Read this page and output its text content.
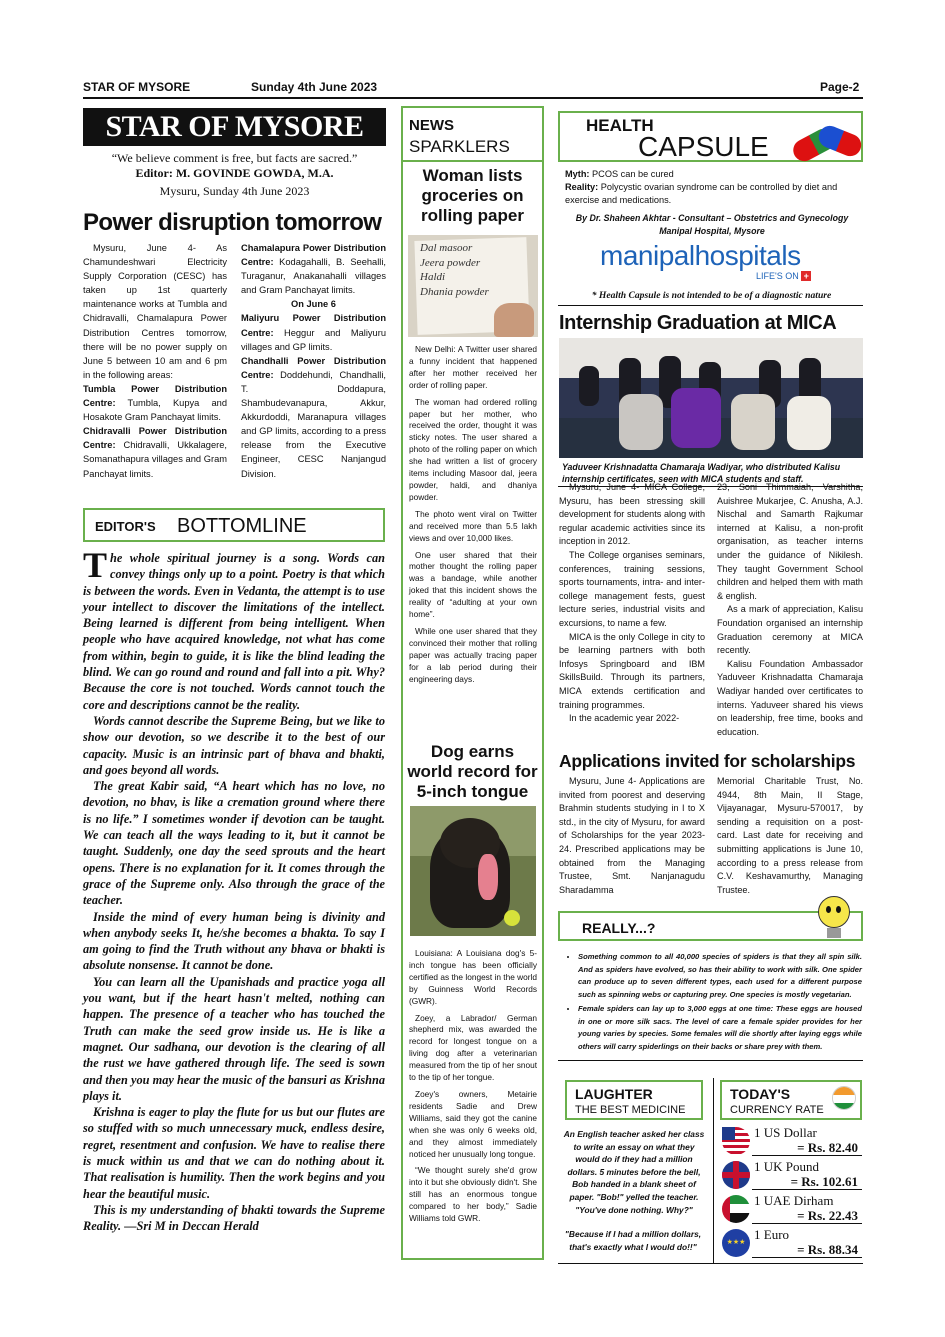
STAR OF MYSORE	Sunday 4th June 2023	Page-2
STAR OF MYSORE
“We believe comment is free, but facts are sacred.”
Editor: M. GOVINDE GOWDA, M.A.
Mysuru, Sunday 4th June 2023
Power disruption tomorrow

Mysuru, June 4- As Chamundeshwari Electricity Supply Corporation (CESC) has taken up 1st quarterly maintenance works at Tumbla and Chidravalli, Chamalapura Power Distribution Centres tomorrow, there will be no power supply on June 5 between 10 am and 6 pm in the following areas:

Tumbla Power Distribution Centre: Tumbla, Kupya and Hosakote Gram Panchayat limits.

Chidravalli Power Distribution Centre: Chidravalli, Ukkalagere, Somanathapura villages and Gram Panchayat limits.

Chamalapura Power Distribution Centre: Kodagahalli, B. Seehalli, Turaganur, Anakanahalli villages and Gram Panchayat limits.

On June 6

Maliyuru Power Distribution Centre: Heggur and Maliyuru villages and GP limits.

Chandhalli Power Distribution Centre: Doddehundi, Chandhalli, T. Doddapura, Shambudevanapura, Akkur, Akkurdoddi, Maranapura villages and GP limits, according to a press release from the Executive Engineer, CESC Nanjangud Division.

EDITOR'S BOTTOMLINE

The whole spiritual journey is a song. Words can convey things only up to a point. Poetry is that which is between the words. Even in Vedanta, the attempt is to use your intellect to discover the limitations of the intellect. Being learned is different from being intelligent. When people who have acquired knowledge, not what has come from within, begin to guide, it is like the blind leading the blind. We can go round and round and fall into a pit. Why? Because the core is not touched. Words cannot touch the core and descriptions cannot be the reality.

Words cannot describe the Supreme Being, but we like to show our devotion, so we describe it to the best of our capacity. Music is an intrinsic part of bhava and bhakti, and goes beyond all words.

The great Kabir said, “A heart which has no love, no devotion, no bhav, is like a cremation ground where there is no life.” I sometimes wonder if devotion can be taught. We can teach all the ways leading to it, but it cannot be taught. Suddenly, one day the seed sprouts and the heart opens. There is no explanation for it. It comes through the grace of the Supreme only. Also through the grace of the teacher.

Inside the mind of every human being is divinity and when anybody seeks It, he/she becomes a bhakta. To say I am going to find the Truth without any bhava or bhakti is absolute nonsense. It cannot be done.

You can learn all the Upanishads and practice yoga all you want, but if the heart hasn't melted, nothing can happen. The presence of a teacher who has touched the Truth can make the seed grow inside us. He is like a magnet. Our sadhana, our devotion is the clearing of all the rust we have gathered through life. The seed is sown and then you may hear the music of the bansuri as Krishna plays it.

Krishna is eager to play the flute for us but our flutes are so stuffed with so much unnecessary muck, endless desire, regret, resentment and confusion. We have to realise there is muck within us and that we can do nothing about it. That realisation is humility. Then the work begins and you hear the beautiful music.

This is my understanding of bhakti towards the Supreme Reality. —Sri M in Deccan Herald

NEWS
SPARKLERS
Woman lists groceries on rolling paper
Dal masoor
Jeera powder
Haldi
Dhania powder

New Delhi: A Twitter user shared a funny incident that happened after her mother received her order of rolling paper.

The woman had ordered rolling paper but her mother, who received the order, thought it was sticky notes. The user shared a photo of the rolling paper on which she had written a list of grocery items including Masoor dal, jeera powder, haldi, and dhaniya powder.

The photo went viral on Twitter and received more than 5.5 lakh views and over 10,000 likes.

One user shared that their mother thought the rolling paper was a bandage, while another joked that this incident shows the reality of “adulting at your own home”.

While one user shared that they convinced their mother that rolling paper was actually tracing paper for a lab period during their engineering days.

Dog earns world record for 5-inch tongue

Louisiana: A Louisiana dog's 5-inch tongue has been officially certified as the longest in the world by Guinness World Records (GWR).

Zoey, a Labrador/ German shepherd mix, was awarded the record for longest tongue on a living dog after a veterinarian measured from the tip of her snout to the tip of her tongue.

Zoey's owners, Metairie residents Sadie and Drew Williams, said they got the canine when she was only 6 weeks old, and they almost immediately noticed her unusually long tongue.

“We thought surely she'd grow into it but she obviously didn't. She still has an enormous tongue compared to her body,” Sadie Williams told GWR.

HEALTH
CAPSULE

Myth: PCOS can be cured

Reality: Polycystic ovarian syndrome can be controlled by diet and exercise and medications.

By Dr. Shaheen Akhtar - Consultant – Obstetrics and Gynecology Manipal Hospital, Mysore
manipalhospitals
LIFE'S ON +
* Health Capsule is not intended to be of a diagnostic nature
Internship Graduation at MICA
Yaduveer Krishnadatta Chamaraja Wadiyar, who distributed Kalisu internship certificates, seen with MICA students and staff.

Mysuru, June 4- MICA College, Mysuru, has been stressing skill development for students along with regular academic activities since its inception in 2012.

The College organises seminars, conferences, training sessions, sports tournaments, intra- and inter-college management fests, guest lecture series, industrial visits and excursions, to name a few.

MICA is the only College in city to be learning partners with both Infosys Springboard and IBM SkillsBuild. Through its partners, MICA extends certification and training programmes.

In the academic year 2022-

23, Soni Thimmaiah, Varshitha, Auishree Mukarjee, C. Anusha, A.J. Nischal and Samarth Rajkumar interned at Kalisu, a non-profit organisation, as teacher interns under the guidance of Nikilesh. They taught Government School children and helped them with math & english.

As a mark of appreciation, Kalisu Foundation organised an internship Graduation ceremony at MICA recently.

Kalisu Foundation Ambassador Yaduveer Krishnadatta Chamaraja Wadiyar handed over certificates to interns. Yaduveer shared his views on leadership, free time, books and education.

Applications invited for scholarships

Mysuru, June 4- Applications are invited from poorest and deserving Brahmin students studying in I to X std., in the city of Mysuru, for award of Scholarships for the year 2023-24. Prescribed applications may be obtained from the Managing Trustee, Smt. Nanjanagudu Sharadamma

Memorial Charitable Trust, No. 4944, 8th Main, II Stage, Vijayanagar, Mysuru-570017, by sending a requisition on a post-card. Last date for receiving and submitting applications is June 10, according to a press release from C.V. Keshavamurthy, Managing Trustee.

REALLY...?
• Something common to all 40,000 species of spiders is that they all spin silk. And as spiders have evolved, so has their ability to work with silk. One spider can produce up to seven different types, each used for a different purpose such as spinning webs or capturing prey. One species is mostly vegetarian.
• Female spiders can lay up to 3,000 eggs at one time: These eggs are housed in one or more silk sacs. The level of care a female spider provides for her young varies by species. Some females will die shortly after laying eggs while others will carry spiderlings on their backs or share prey with them.
LAUGHTER
THE BEST MEDICINE
An English teacher asked her class to write an essay on what they would do if they had a million dollars. 5 minutes before the bell, Bob handed in a blank sheet of paper. "Bob!" yelled the teacher. "You've done nothing. Why?"
"Because if I had a million dollars, that's exactly what I would do!!"
TODAY'S
CURRENCY RATE
1 US Dollar
= Rs. 82.40
1 UK Pound
= Rs. 102.61
1 UAE Dirham
= Rs. 22.43
★★★
1 Euro
= Rs. 88.34
